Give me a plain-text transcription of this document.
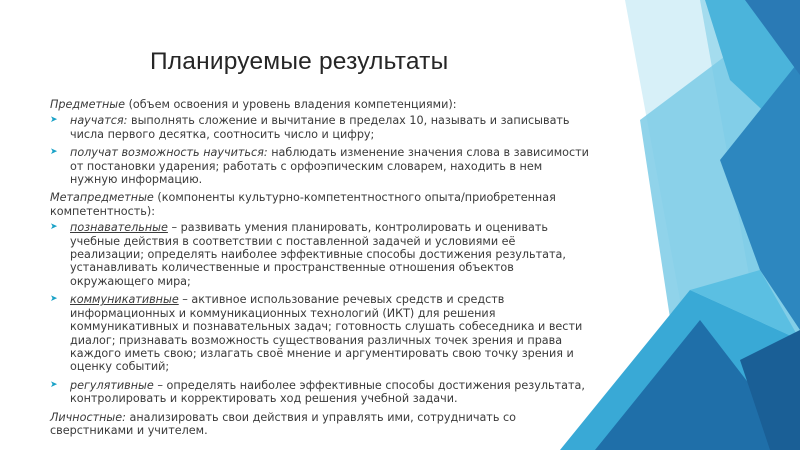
Планируемые результаты

Предметные (объем освоения и уровень владения компетенциями):

➤ научатся: выполнять сложение и вычитание в пределах 10, называть и записывать числа первого десятка, соотносить число и цифру;
➤ получат возможность научиться: наблюдать изменение значения слова в зависимости от постановки ударения; работать с орфоэпическим словарем, находить в нем нужную информацию.

Метапредметные (компоненты культурно-компетентностного опыта/приобретенная компетентность):

➤ познавательные – развивать умения планировать, контролировать и оценивать учебные действия в соответствии с поставленной задачей и условиями её реализации; определять наиболее эффективные способы достижения результата, устанавливать количественные и пространственные отношения объектов окружающего мира;
➤ коммуникативные – активное использование речевых средств и средств информационных и коммуникационных технологий (ИКТ) для решения коммуникативных и познавательных задач; готовность слушать собеседника и вести диалог; признавать возможность существования различных точек зрения и права каждого иметь свою; излагать своё мнение и аргументировать свою точку зрения и оценку событий;
➤ регулятивные – определять наиболее эффективные способы достижения результата, контролировать и корректировать ход решения учебной задачи.

Личностные: анализировать свои действия и управлять ими, сотрудничать со сверстниками и учителем.
